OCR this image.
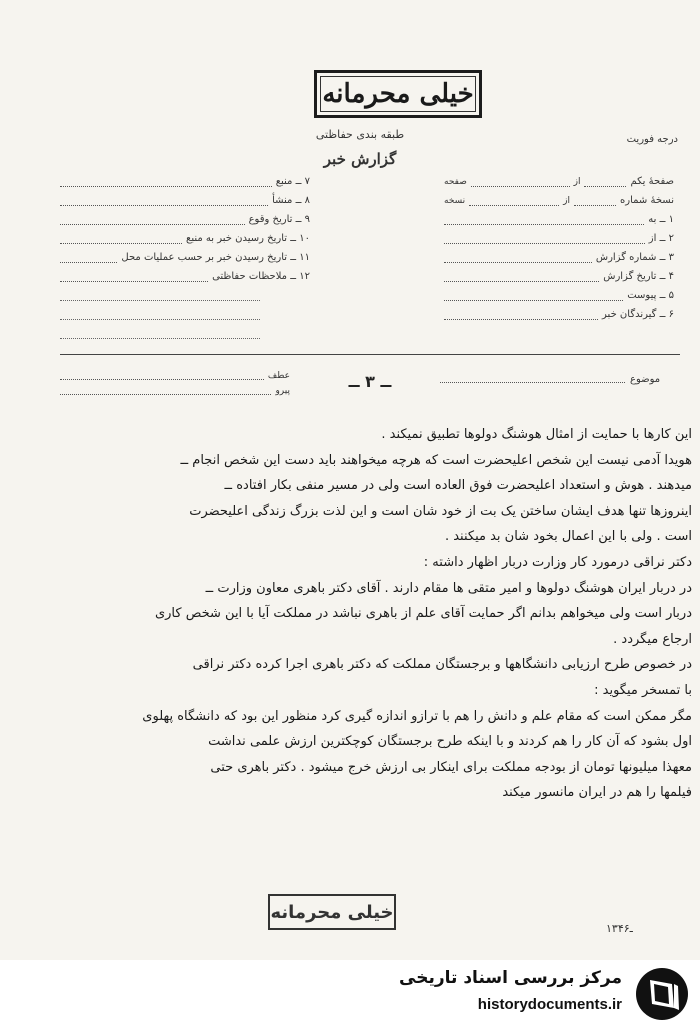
خیلی محرمانه
طبقه بندی حفاظتی
گزارش خبر
درجه فوریت
صفحهٔ یکم
از
صفحه
نسخهٔ شماره
از
نسخه
۱ ــ به
۲ ــ از
۳ ــ شماره گزارش
۴ ــ تاریخ گزارش
۵ ــ پیوست
۶ ــ گیرندگان خبر
۷ ــ منبع
۸ ــ منشأ
۹ ــ تاریخ وقوع
۱۰ ــ تاریخ رسیدن خبر به منبع
۱۱ ــ تاریخ رسیدن خبر بر حسب عملیات محل
۱۲ ــ ملاحظات حفاظتی
موضوع
ــ ۳ ــ
عطف
پیرو

این کارها با حمایت از امثال هوشنگ دولوها تطبیق نمیکند .

هویدا آدمی نیست این شخص اعلیحضرت است که هرچه میخواهند باید دست این شخص انجام ــ

میدهند . هوش و استعداد اعلیحضرت فوق العاده است ولی در مسیر منفی بکار افتاده ــ

اینروزها تنها هدف ایشان ساختن یک بت از خود شان است و این لذت بزرگ زندگی اعلیحضرت

است . ولی با این اعمال بخود شان بد میکنند .

دکتر نراقی درمورد کار وزارت دربار اظهار داشته :

در دربار ایران هوشنگ دولوها و امیر متقی ها مقام دارند . آقای دکتر باهری معاون وزارت ــ

دربار است ولی میخواهم بدانم اگر حمایت آقای علم از باهری نباشد در مملکت آیا با این شخص کاری

ارجاع میگردد .

در خصوص طرح ارزیابی دانشگاهها و برجستگان مملکت که دکتر باهری اجرا کرده دکتر نراقی

با تمسخر میگوید :

مگر ممکن است که مقام علم و دانش را هم با ترازو اندازه گیری کرد منظور این بود که دانشگاه پهلوی

اول بشود که آن کار را هم کردند و با اینکه طرح برجستگان کوچکترین ارزش علمی نداشت

معهذا میلیونها تومان از بودجه مملکت برای اینکار بی ارزش خرج میشود . دکتر باهری حتی

فیلمها را هم در ایران مانسور میکند

خیلی محرمانه
۱۳ـ۴۶
مرکز بررسی اسناد تاریخی
historydocuments.ir
